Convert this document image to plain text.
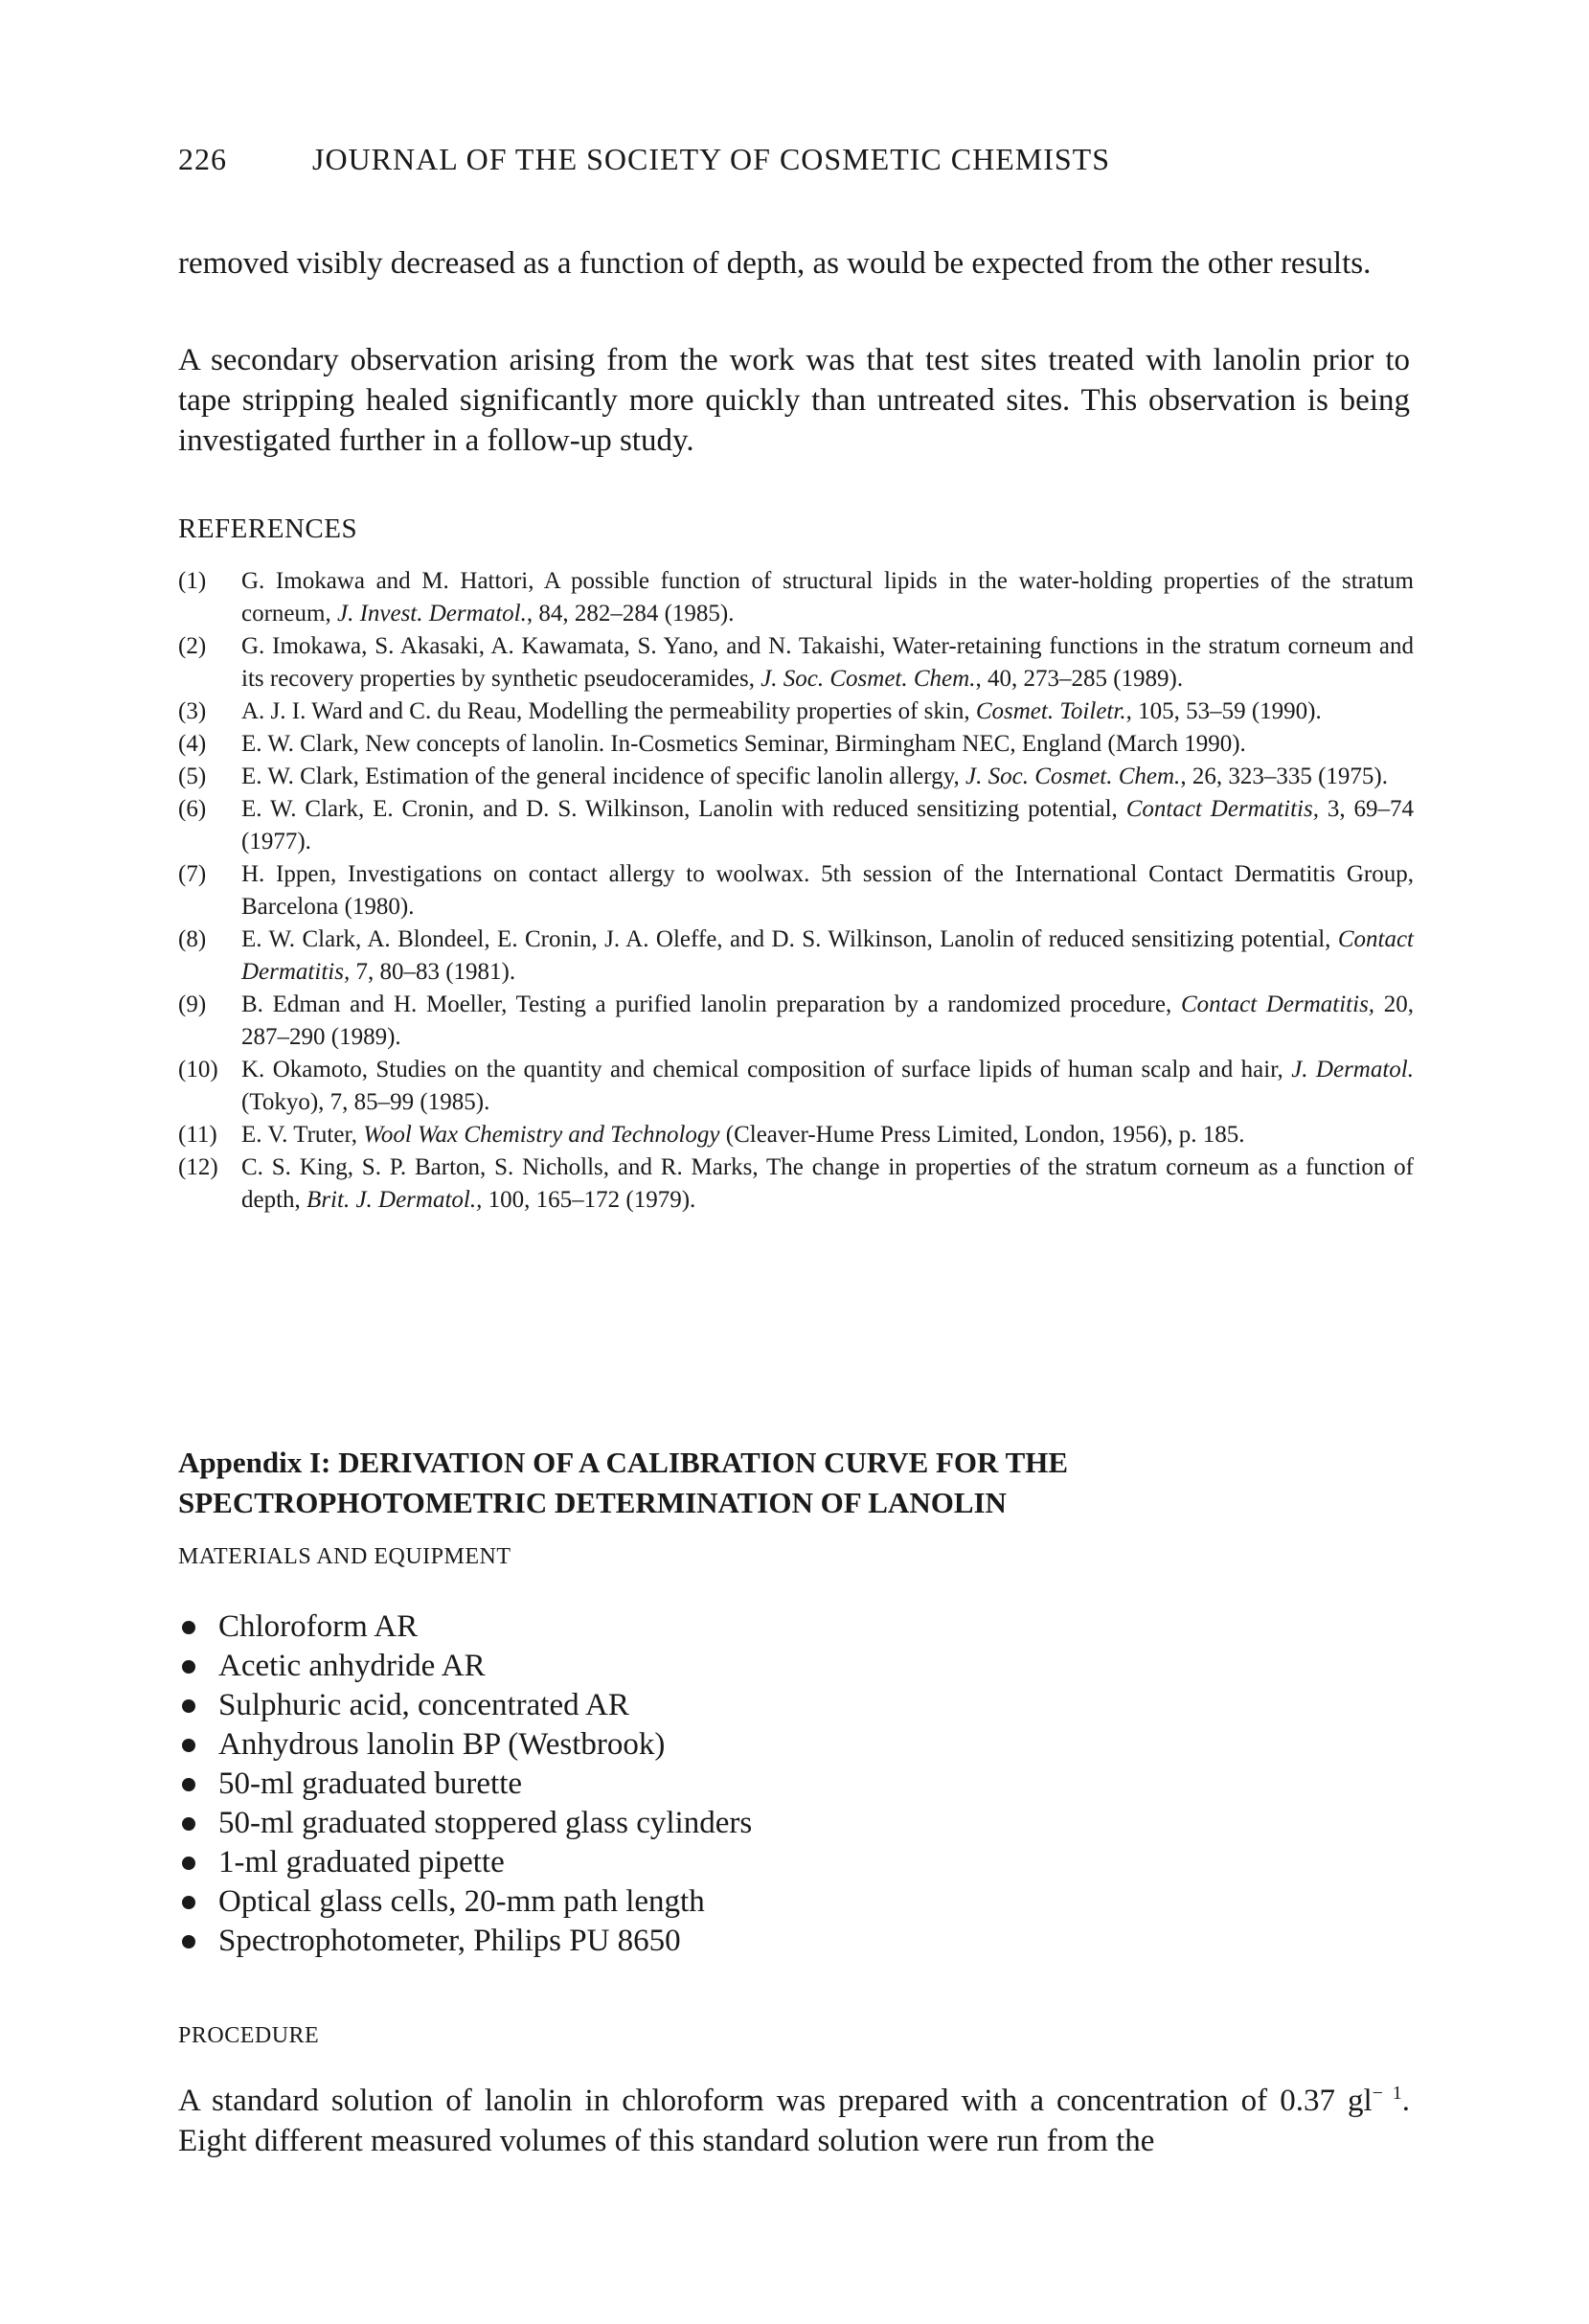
226	JOURNAL OF THE SOCIETY OF COSMETIC CHEMISTS
removed visibly decreased as a function of depth, as would be expected from the other results.
A secondary observation arising from the work was that test sites treated with lanolin prior to tape stripping healed significantly more quickly than untreated sites. This observation is being investigated further in a follow-up study.
REFERENCES
(1)	G. Imokawa and M. Hattori, A possible function of structural lipids in the water-holding properties of the stratum corneum, J. Invest. Dermatol., 84, 282–284 (1985).
(2)	G. Imokawa, S. Akasaki, A. Kawamata, S. Yano, and N. Takaishi, Water-retaining functions in the stratum corneum and its recovery properties by synthetic pseudoceramides, J. Soc. Cosmet. Chem., 40, 273–285 (1989).
(3)	A. J. I. Ward and C. du Reau, Modelling the permeability properties of skin, Cosmet. Toiletr., 105, 53–59 (1990).
(4)	E. W. Clark, New concepts of lanolin. In-Cosmetics Seminar, Birmingham NEC, England (March 1990).
(5)	E. W. Clark, Estimation of the general incidence of specific lanolin allergy, J. Soc. Cosmet. Chem., 26, 323–335 (1975).
(6)	E. W. Clark, E. Cronin, and D. S. Wilkinson, Lanolin with reduced sensitizing potential, Contact Dermatitis, 3, 69–74 (1977).
(7)	H. Ippen, Investigations on contact allergy to woolwax. 5th session of the International Contact Dermatitis Group, Barcelona (1980).
(8)	E. W. Clark, A. Blondeel, E. Cronin, J. A. Oleffe, and D. S. Wilkinson, Lanolin of reduced sensitizing potential, Contact Dermatitis, 7, 80–83 (1981).
(9)	B. Edman and H. Moeller, Testing a purified lanolin preparation by a randomized procedure, Contact Dermatitis, 20, 287–290 (1989).
(10) K. Okamoto, Studies on the quantity and chemical composition of surface lipids of human scalp and hair, J. Dermatol. (Tokyo), 7, 85–99 (1985).
(11)	E. V. Truter, Wool Wax Chemistry and Technology (Cleaver-Hume Press Limited, London, 1956), p. 185.
(12) C. S. King, S. P. Barton, S. Nicholls, and R. Marks, The change in properties of the stratum corneum as a function of depth, Brit. J. Dermatol., 100, 165–172 (1979).
Appendix I: DERIVATION OF A CALIBRATION CURVE FOR THE SPECTROPHOTOMETRIC DETERMINATION OF LANOLIN
MATERIALS AND EQUIPMENT
Chloroform AR
Acetic anhydride AR
Sulphuric acid, concentrated AR
Anhydrous lanolin BP (Westbrook)
50-ml graduated burette
50-ml graduated stoppered glass cylinders
1-ml graduated pipette
Optical glass cells, 20-mm path length
Spectrophotometer, Philips PU 8650
PROCEDURE
A standard solution of lanolin in chloroform was prepared with a concentration of 0.37 $gl^{- 1}$. Eight different measured volumes of this standard solution were run from the
